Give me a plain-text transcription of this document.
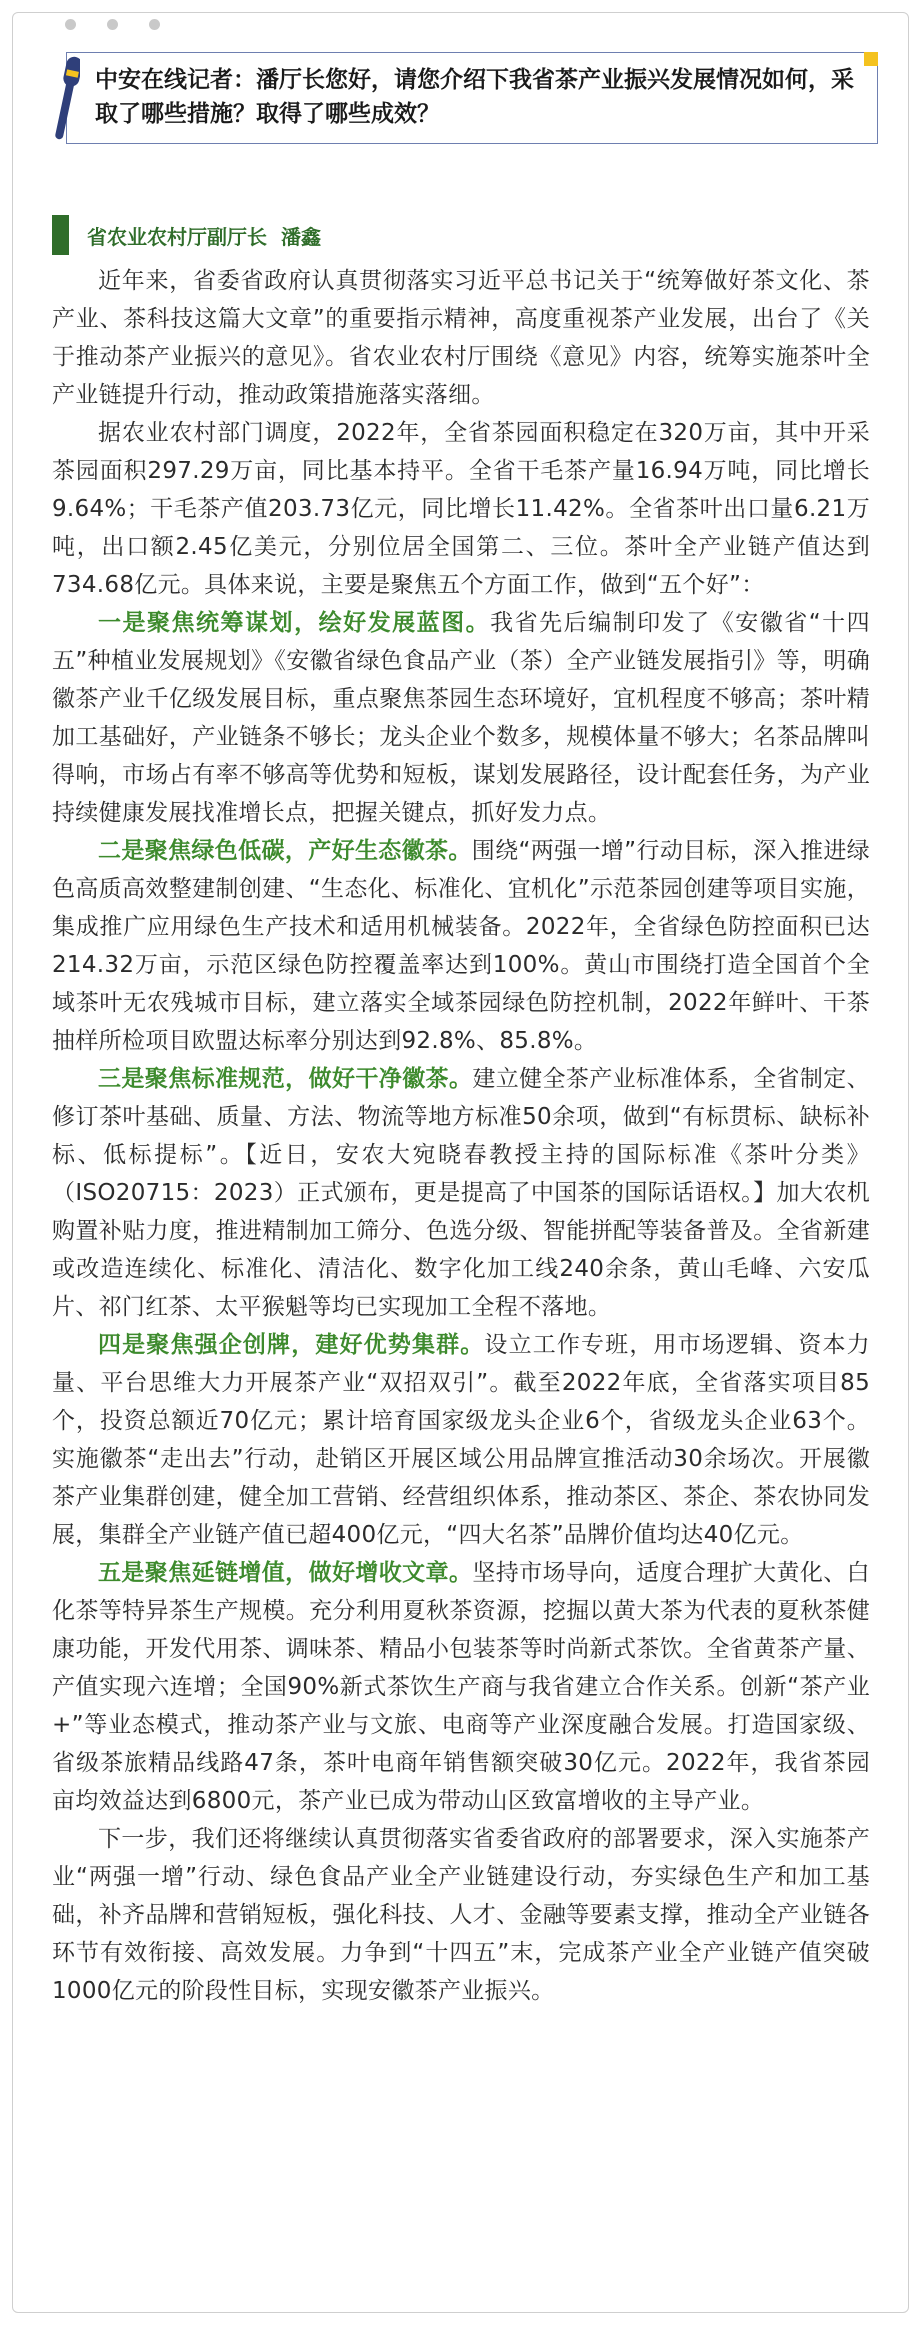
中安在线记者：潘厅长您好，请您介绍下我省茶产业振兴发展情况如何，采取了哪些措施？取得了哪些成效？
省农业农村厅副厅长 潘鑫

近年来，省委省政府认真贯彻落实习近平总书记关于“统筹做好茶文化、茶产业、茶科技这篇大文章”的重要指示精神，高度重视茶产业发展，出台了《关于推动茶产业振兴的意见》。省农业农村厅围绕《意见》内容，统筹实施茶叶全产业链提升行动，推动政策措施落实落细。

据农业农村部门调度，2022年，全省茶园面积稳定在320万亩，其中开采茶园面积297.29万亩，同比基本持平。全省干毛茶产量16.94万吨，同比增长9.64%；干毛茶产值203.73亿元，同比增长11.42%。全省茶叶出口量6.21万吨，出口额2.45亿美元，分别位居全国第二、三位。茶叶全产业链产值达到734.68亿元。具体来说，主要是聚焦五个方面工作，做到“五个好”：

一是聚焦统筹谋划，绘好发展蓝图。我省先后编制印发了《安徽省“十四五”种植业发展规划》《安徽省绿色食品产业（茶）全产业链发展指引》等，明确徽茶产业千亿级发展目标，重点聚焦茶园生态环境好，宜机程度不够高；茶叶精加工基础好，产业链条不够长；龙头企业个数多，规模体量不够大；名茶品牌叫得响，市场占有率不够高等优势和短板，谋划发展路径，设计配套任务，为产业持续健康发展找准增长点，把握关键点，抓好发力点。

二是聚焦绿色低碳，产好生态徽茶。围绕“两强一增”行动目标，深入推进绿色高质高效整建制创建、“生态化、标准化、宜机化”示范茶园创建等项目实施，集成推广应用绿色生产技术和适用机械装备。2022年，全省绿色防控面积已达214.32万亩，示范区绿色防控覆盖率达到100%。黄山市围绕打造全国首个全域茶叶无农残城市目标，建立落实全域茶园绿色防控机制，2022年鲜叶、干茶抽样所检项目欧盟达标率分别达到92.8%、85.8%。

三是聚焦标准规范，做好干净徽茶。建立健全茶产业标准体系，全省制定、修订茶叶基础、质量、方法、物流等地方标准50余项，做到“有标贯标、缺标补标、低标提标”。【近日，安农大宛晓春教授主持的国际标准《茶叶分类》（ISO20715：2023）正式颁布，更是提高了中国茶的国际话语权。】加大农机购置补贴力度，推进精制加工筛分、色选分级、智能拼配等装备普及。全省新建或改造连续化、标准化、清洁化、数字化加工线240余条，黄山毛峰、六安瓜片、祁门红茶、太平猴魁等均已实现加工全程不落地。

四是聚焦强企创牌，建好优势集群。设立工作专班，用市场逻辑、资本力量、平台思维大力开展茶产业“双招双引”。截至2022年底，全省落实项目85个，投资总额近70亿元；累计培育国家级龙头企业6个，省级龙头企业63个。实施徽茶“走出去”行动，赴销区开展区域公用品牌宣推活动30余场次。开展徽茶产业集群创建，健全加工营销、经营组织体系，推动茶区、茶企、茶农协同发展，集群全产业链产值已超400亿元，“四大名茶”品牌价值均达40亿元。

五是聚焦延链增值，做好增收文章。坚持市场导向，适度合理扩大黄化、白化茶等特异茶生产规模。充分利用夏秋茶资源，挖掘以黄大茶为代表的夏秋茶健康功能，开发代用茶、调味茶、精品小包装茶等时尚新式茶饮。全省黄茶产量、产值实现六连增；全国90%新式茶饮生产商与我省建立合作关系。创新“茶产业+”等业态模式，推动茶产业与文旅、电商等产业深度融合发展。打造国家级、省级茶旅精品线路47条，茶叶电商年销售额突破30亿元。2022年，我省茶园亩均效益达到6800元，茶产业已成为带动山区致富增收的主导产业。

下一步，我们还将继续认真贯彻落实省委省政府的部署要求，深入实施茶产业“两强一增”行动、绿色食品产业全产业链建设行动，夯实绿色生产和加工基础，补齐品牌和营销短板，强化科技、人才、金融等要素支撑，推动全产业链各环节有效衔接、高效发展。力争到“十四五”末，完成茶产业全产业链产值突破1000亿元的阶段性目标，实现安徽茶产业振兴。
